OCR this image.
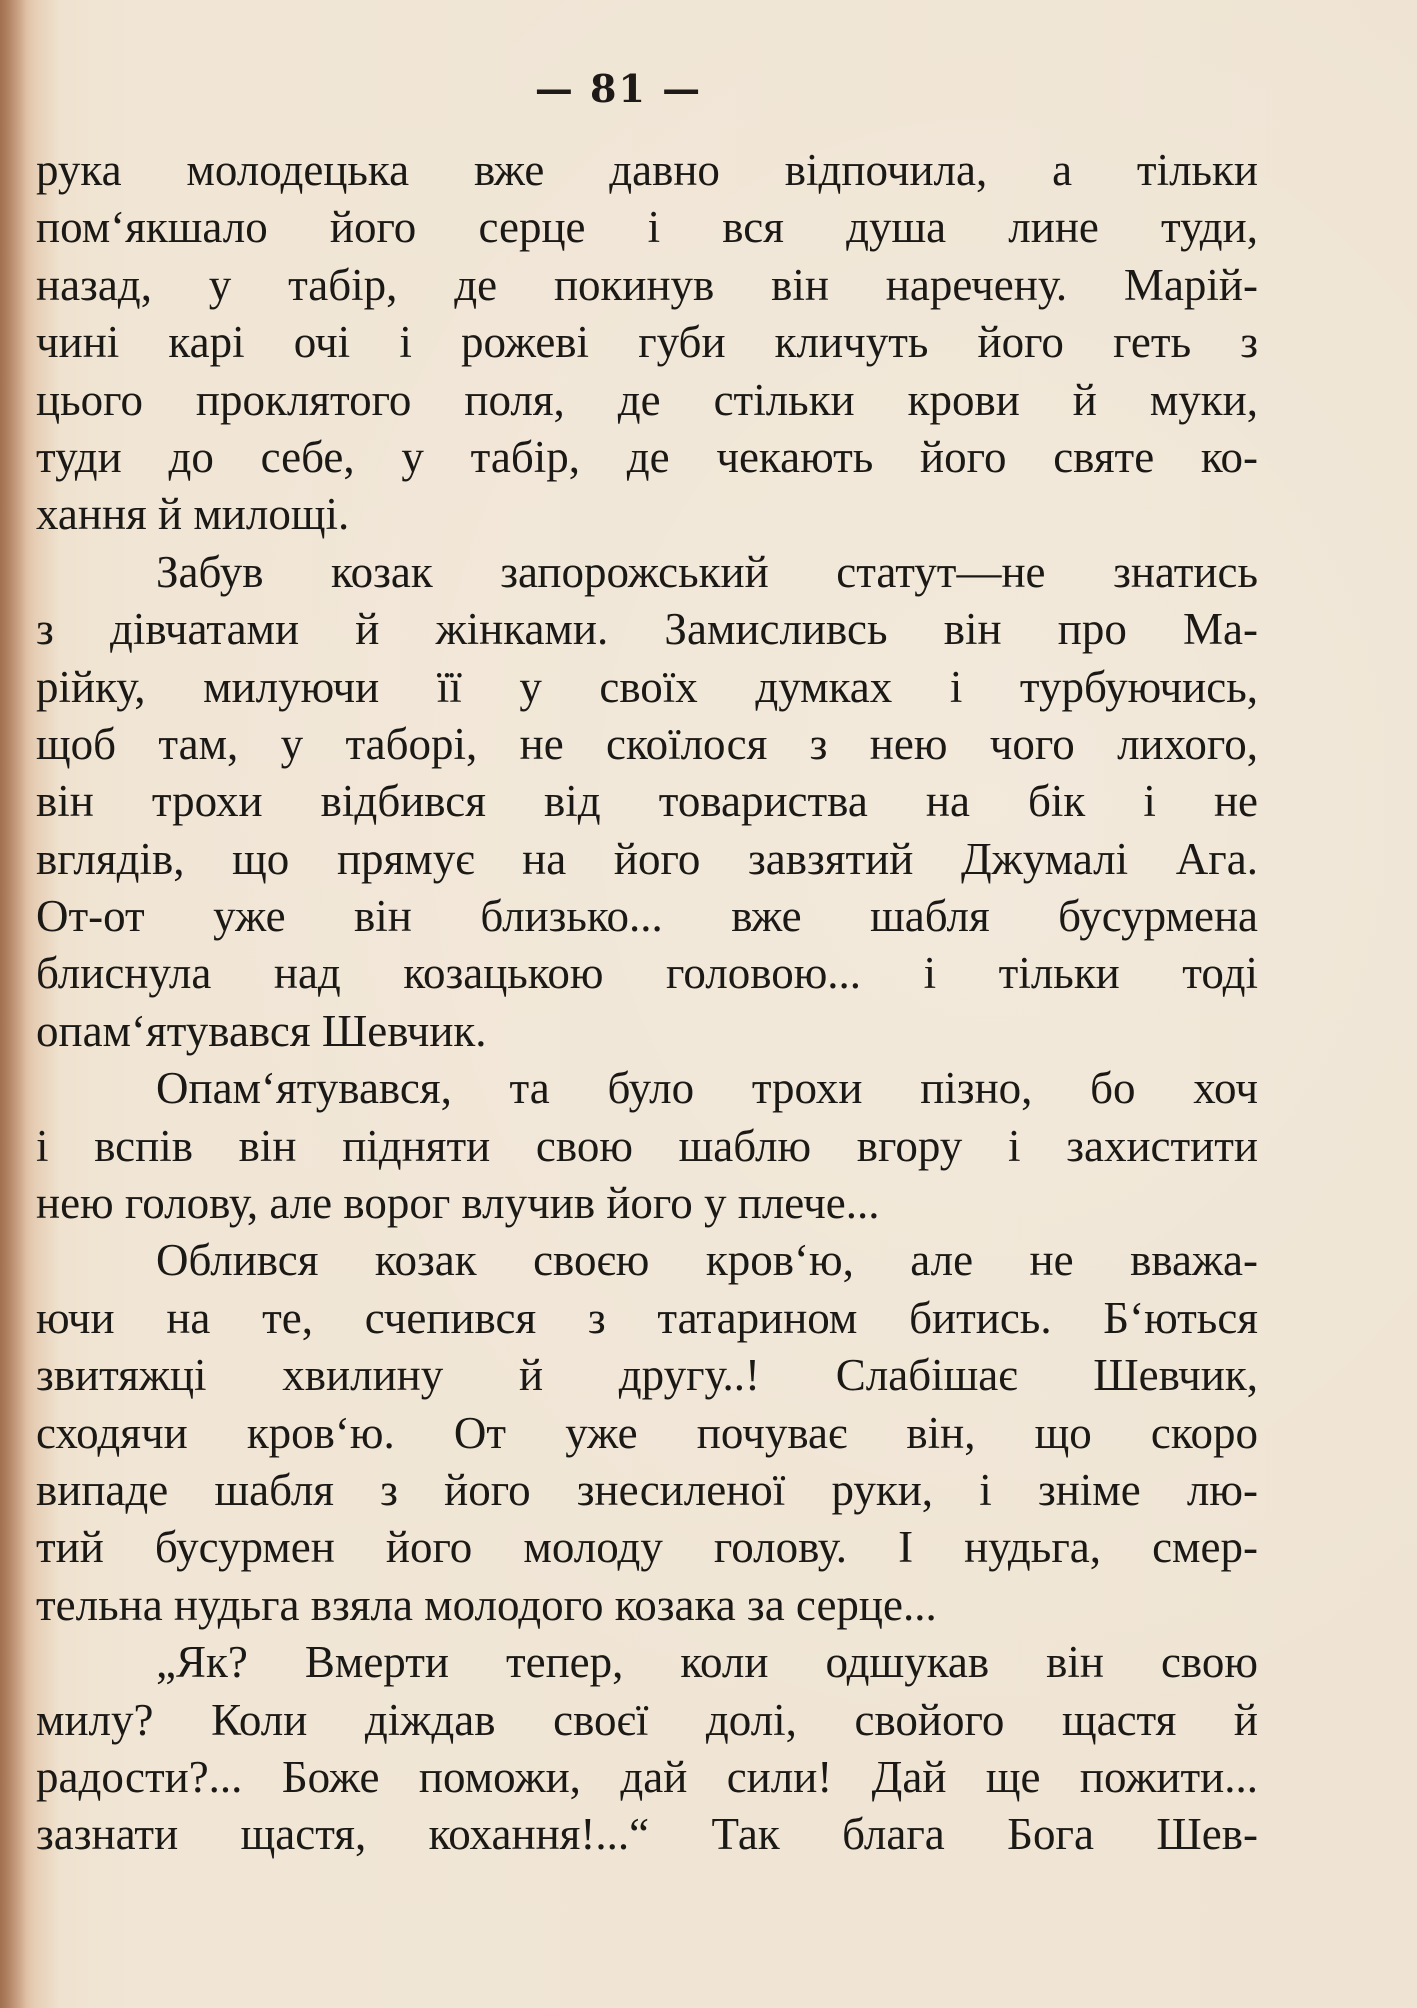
— 81 —
рука молодецька вже давно відпочила, а тільки
пом‘якшало його серце і вся душа лине туди,
назад, у табір, де покинув він наречену. Марій-
чині карі очі і рожеві губи кличуть його геть з
цього проклятого поля, де стільки крови й муки,
туди до себе, у табір, де чекають його святе ко-
хання й милощі.
Забув козак запорожський статут—не знатись
з дівчатами й жінками. Замисливсь він про Ма-
рійку, милуючи її у своїх думках і турбуючись,
щоб там, у таборі, не скоїлося з нею чого лихого,
він трохи відбився від товариства на бік і не
вглядів, що прямує на його завзятий Джумалі Ага.
От-от уже він близько... вже шабля бусурмена
блиснула над козацькою головою... і тільки тоді
опам‘ятувався Шевчик.
Опам‘ятувався, та було трохи пізно, бо хоч
і вспів він підняти свою шаблю вгору і захистити
нею голову, але ворог влучив його у плече...
Облився козак своєю кров‘ю, але не вважа-
ючи на те, счепився з татарином битись. Б‘ються
звитяжці хвилину й другу..! Слабішає Шевчик,
сходячи кров‘ю. От уже почуває він, що скоро
випаде шабля з його знесиленої руки, і зніме лю-
тий бусурмен його молоду голову. І нудьга, смер-
тельна нудьга взяла молодого козака за серце...
„Як? Вмерти тепер, коли одшукав він свою
милу? Коли діждав своєї долі, свойого щастя й
радости?... Боже поможи, дай сили! Дай ще пожити...
зазнати щастя, кохання!...“ Так блага Бога Шев-
